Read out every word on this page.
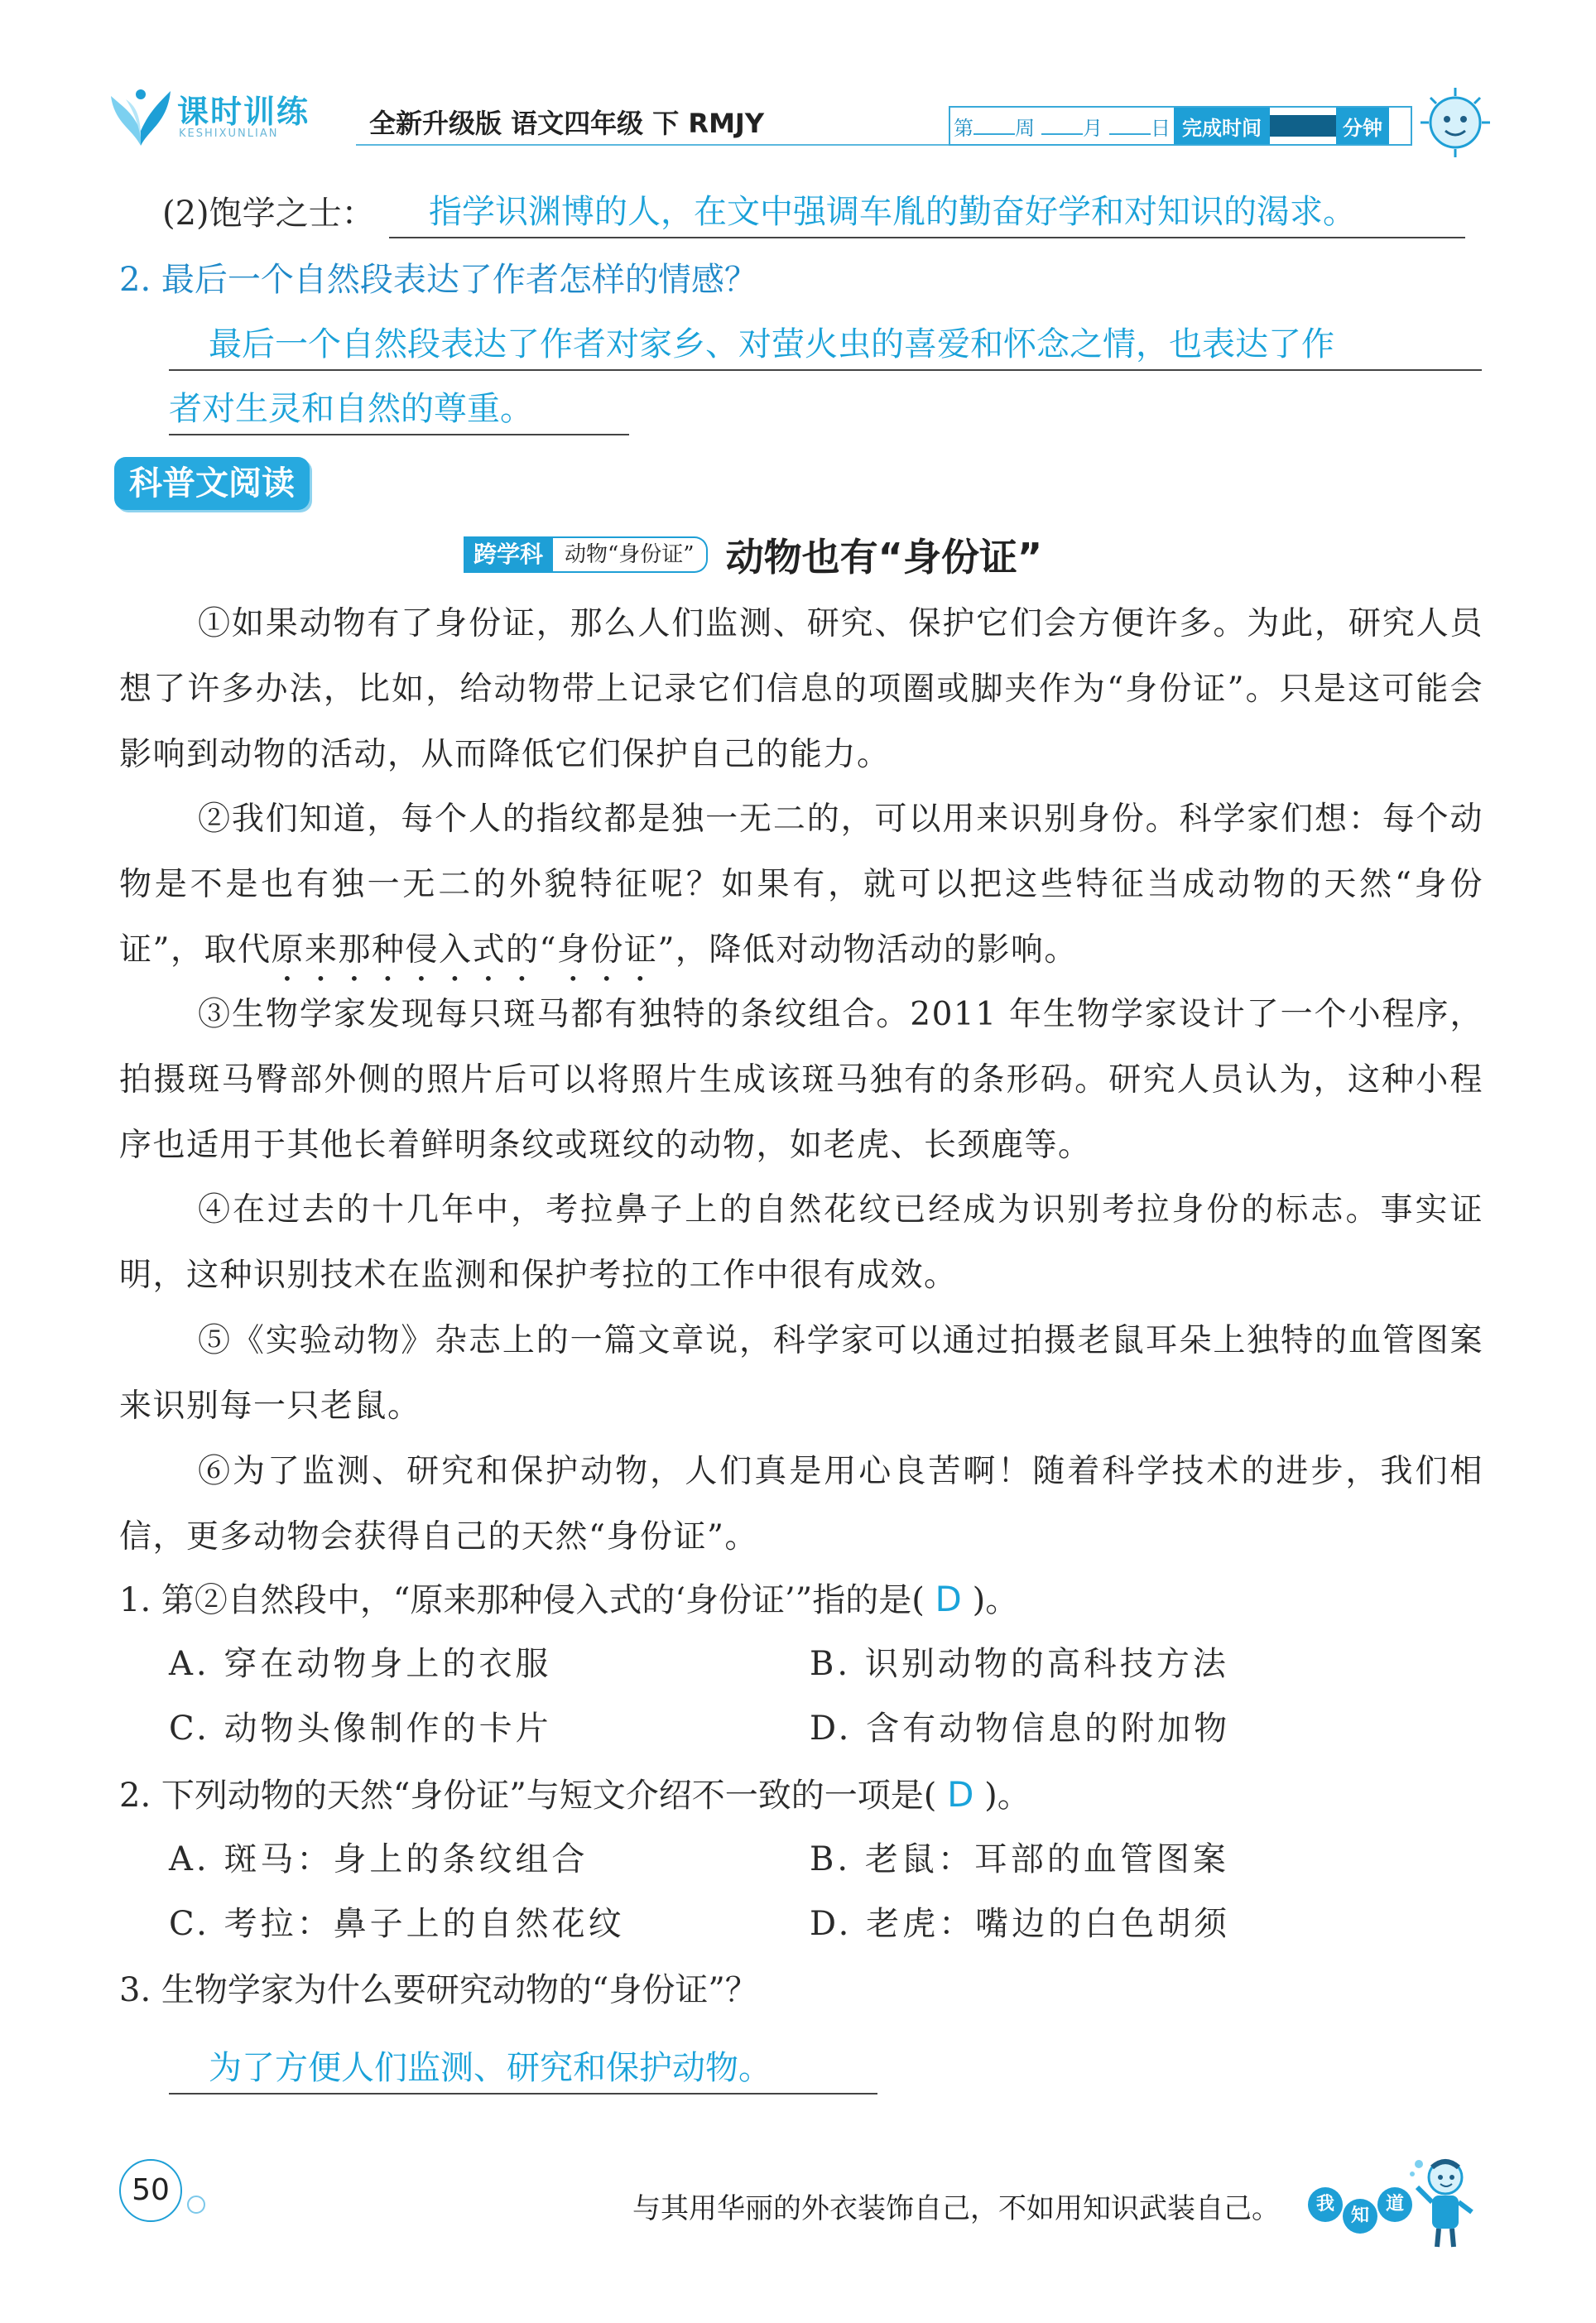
课时训练
KESHIXUNLIAN	全新升级版 语文四年级 下 RMJY	第 周 月 日 完成时间	分钟
(2)饱学之士： 指学识渊博的人，在文中强调车胤的勤奋好学和对知识的渴求。
2. 最后一个自然段表达了作者怎样的情感？
最后一个自然段表达了作者对家乡、对萤火虫的喜爱和怀念之情，也表达了作
者对生灵和自然的尊重。
科普文阅读
跨学科	动物“身份证” 动物也有“身份证”
①如果动物有了身份证，那么人们监测、研究、保护它们会方便许多。为此，研究人员想了许多办法，比如，给动物带上记录它们信息的项圈或脚夹作为“身份证”。只是这可能会影响到动物的活动，从而降低它们保护自己的能力。
②我们知道，每个人的指纹都是独一无二的，可以用来识别身份。科学家们想：每个动物是不是也有独一无二的外貌特征呢？如果有，就可以把这些特征当成动物的天然“身份证”，取代原来那种侵入式的“身份证”，降低对动物活动的影响。
③生物学家发现每只斑马都有独特的条纹组合。2011 年生物学家设计了一个小程序，拍摄斑马臀部外侧的照片后可以将照片生成该斑马独有的条形码。研究人员认为，这种小程序也适用于其他长着鲜明条纹或斑纹的动物，如老虎、长颈鹿等。
④在过去的十几年中，考拉鼻子上的自然花纹已经成为识别考拉身份的标志。事实证明，这种识别技术在监测和保护考拉的工作中很有成效。
⑤《实验动物》杂志上的一篇文章说，科学家可以通过拍摄老鼠耳朵上独特的血管图案来识别每一只老鼠。
⑥为了监测、研究和保护动物，人们真是用心良苦啊！随着科学技术的进步，我们相信，更多动物会获得自己的天然“身份证”。
1. 第②自然段中，“原来那种侵入式的‘身份证’”指的是( D )。
A. 穿在动物身上的衣服	B. 识别动物的高科技方法
C. 动物头像制作的卡片	D. 含有动物信息的附加物
2. 下列动物的天然“身份证”与短文介绍不一致的一项是( D )。
A. 斑马：身上的条纹组合	B. 老鼠：耳部的血管图案
C. 考拉：鼻子上的自然花纹	D. 老虎：嘴边的白色胡须
3. 生物学家为什么要研究动物的“身份证”？
为了方便人们监测、研究和保护动物。
50
与其用华丽的外衣装饰自己，不如用知识武装自己。	我
知
道
